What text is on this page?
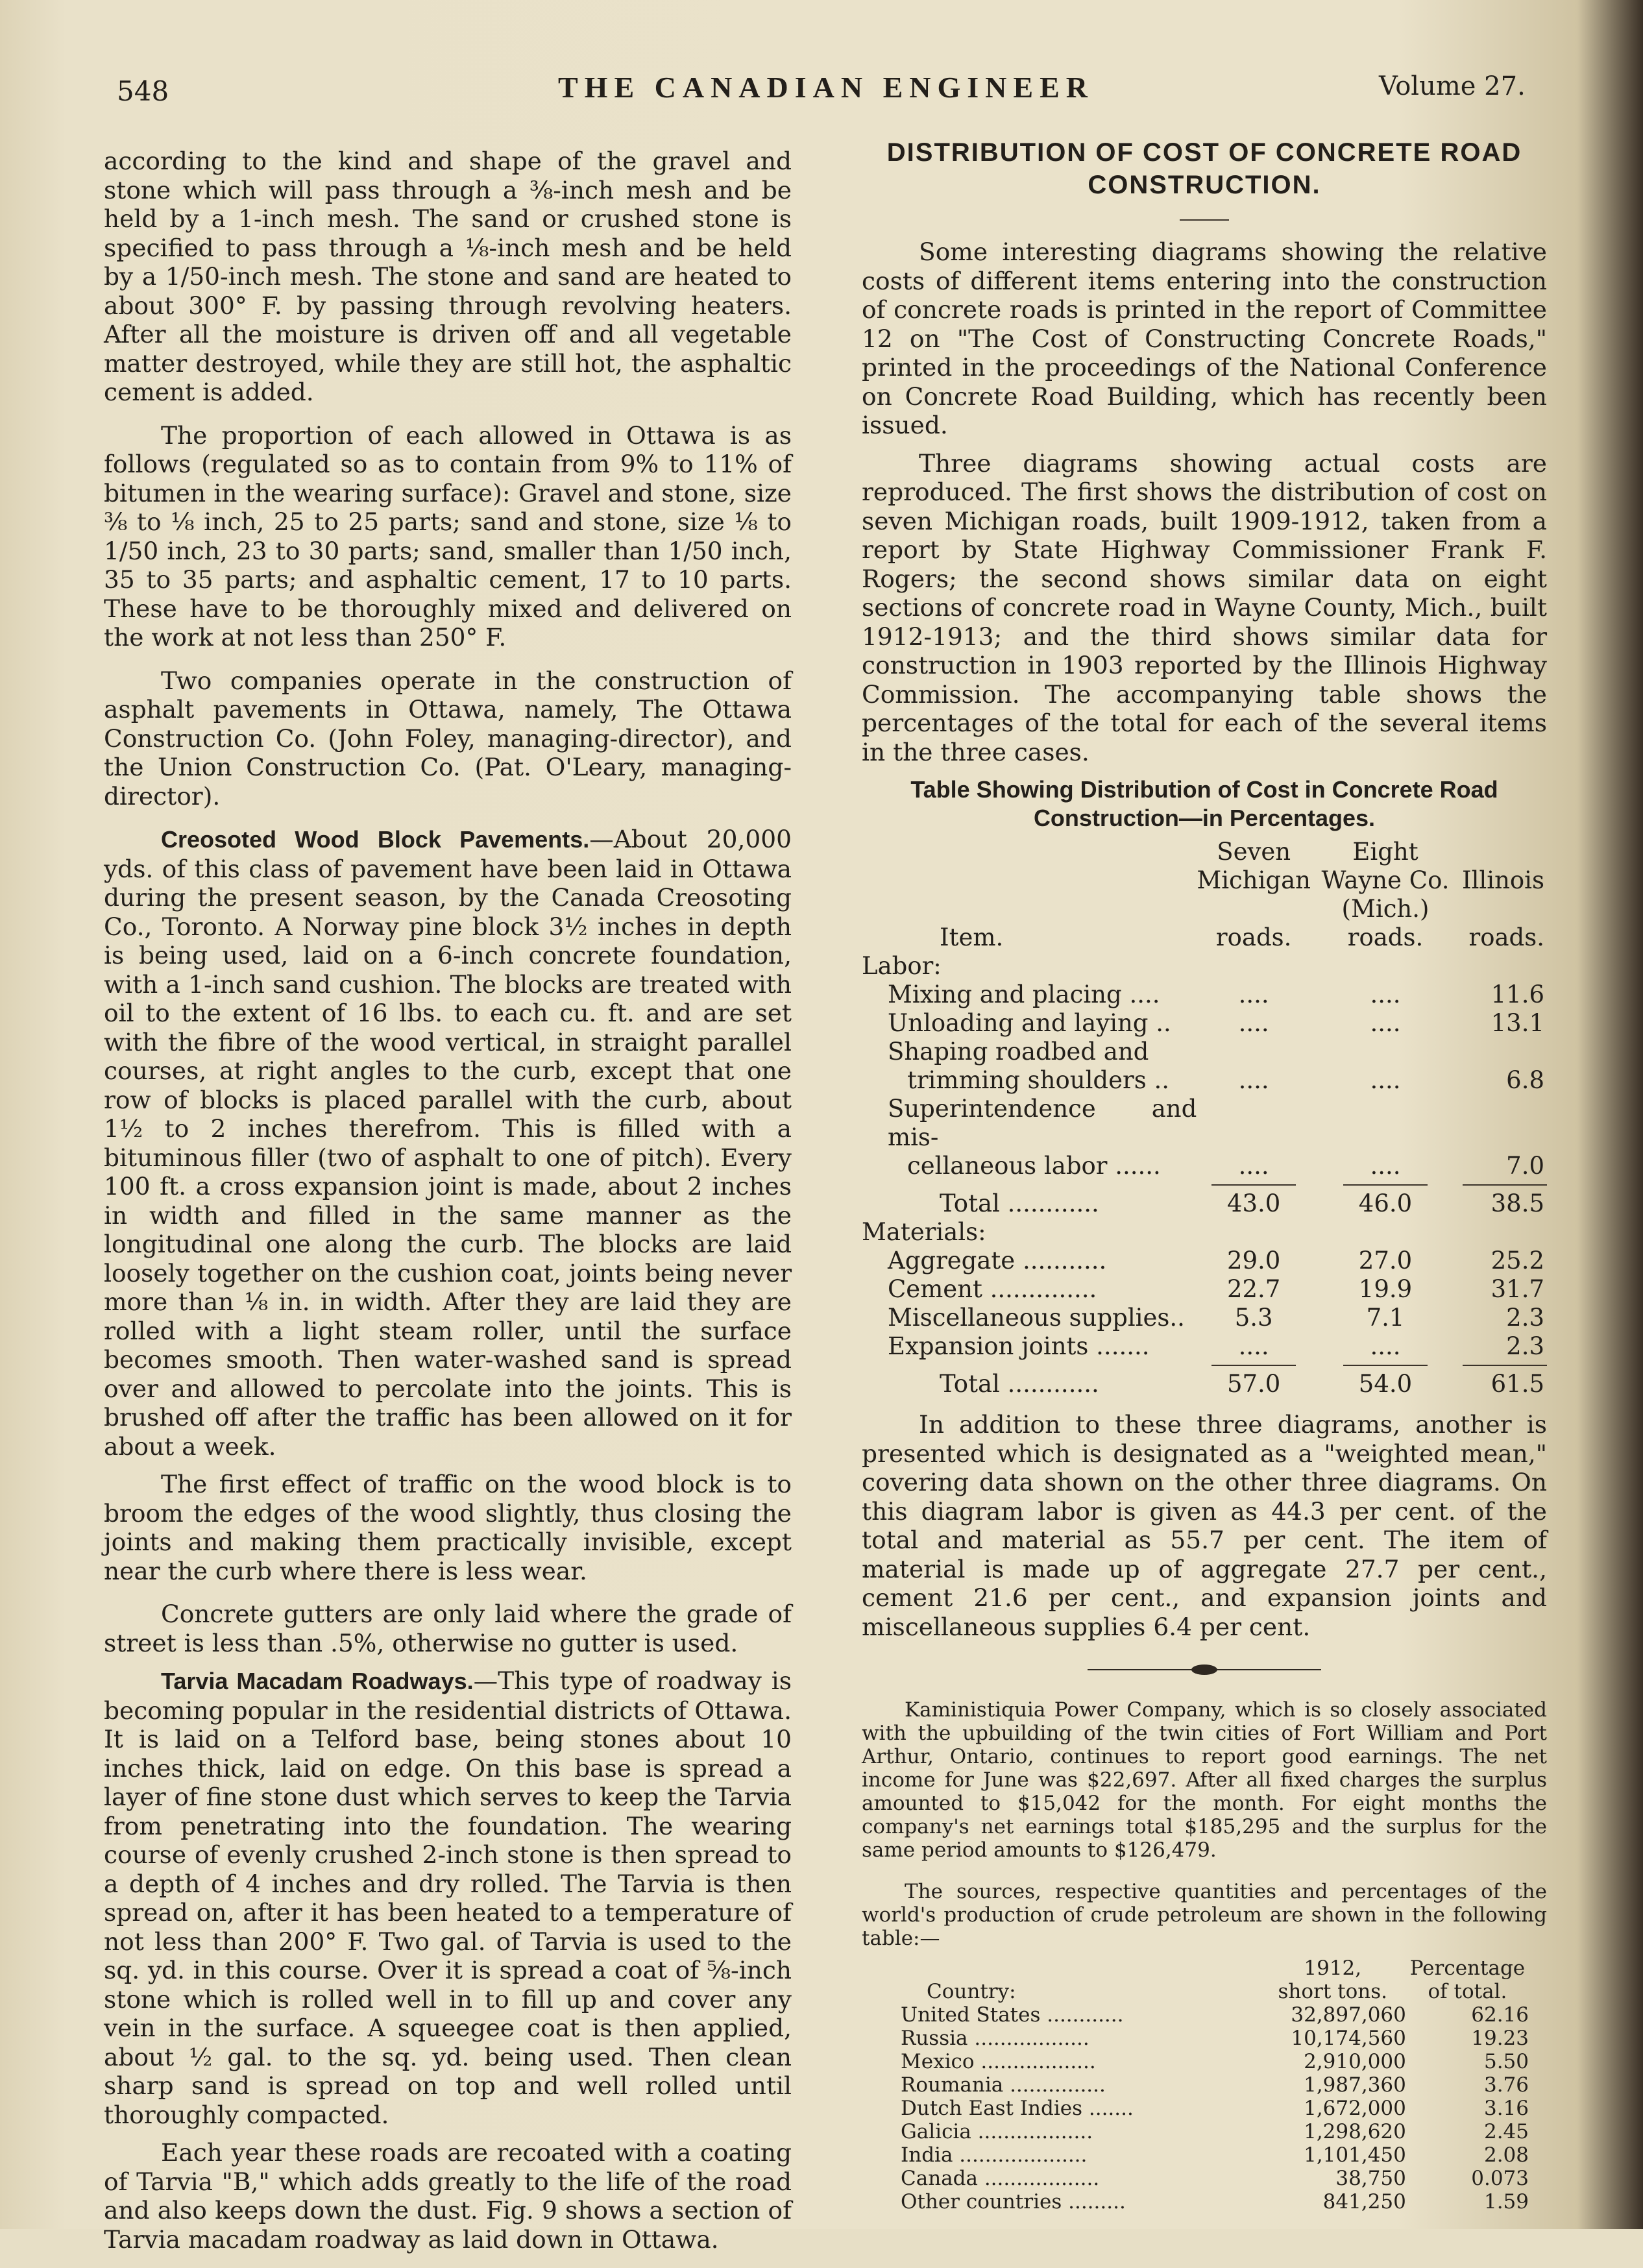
548	THE CANADIAN ENGINEER	Volume 27.

according to the kind and shape of the gravel and stone which will pass through a ⅜-inch mesh and be held by a 1-inch mesh. The sand or crushed stone is specified to pass through a ⅛-inch mesh and be held by a 1/50-inch mesh. The stone and sand are heated to about 300° F. by passing through revolving heaters. After all the moisture is driven off and all vegetable matter destroyed, while they are still hot, the asphaltic cement is added.

The proportion of each allowed in Ottawa is as follows (regulated so as to contain from 9% to 11% of bitumen in the wearing surface): Gravel and stone, size ⅜ to ⅛ inch, 25 to 25 parts; sand and stone, size ⅛ to 1/50 inch, 23 to 30 parts; sand, smaller than 1/50 inch, 35 to 35 parts; and asphaltic cement, 17 to 10 parts. These have to be thoroughly mixed and delivered on the work at not less than 250° F.

Two companies operate in the construction of asphalt pavements in Ottawa, namely, The Ottawa Construction Co. (John Foley, managing-director), and the Union Construction Co. (Pat. O'Leary, managing-director).

Creosoted Wood Block Pavements.—About 20,000 yds. of this class of pavement have been laid in Ottawa during the present season, by the Canada Creosoting Co., Toronto. A Norway pine block 3½ inches in depth is being used, laid on a 6-inch concrete foundation, with a 1-inch sand cushion. The blocks are treated with oil to the extent of 16 lbs. to each cu. ft. and are set with the fibre of the wood vertical, in straight parallel courses, at right angles to the curb, except that one row of blocks is placed parallel with the curb, about 1½ to 2 inches therefrom. This is filled with a bituminous filler (two of asphalt to one of pitch). Every 100 ft. a cross expansion joint is made, about 2 inches in width and filled in the same manner as the longitudinal one along the curb. The blocks are laid loosely together on the cushion coat, joints being never more than ⅛ in. in width. After they are laid they are rolled with a light steam roller, until the surface becomes smooth. Then water-washed sand is spread over and allowed to percolate into the joints. This is brushed off after the traffic has been allowed on it for about a week.

The first effect of traffic on the wood block is to broom the edges of the wood slightly, thus closing the joints and making them practically invisible, except near the curb where there is less wear.

Concrete gutters are only laid where the grade of street is less than .5%, otherwise no gutter is used.

Tarvia Macadam Roadways.—This type of roadway is becoming popular in the residential districts of Ottawa. It is laid on a Telford base, being stones about 10 inches thick, laid on edge. On this base is spread a layer of fine stone dust which serves to keep the Tarvia from penetrating into the foundation. The wearing course of evenly crushed 2-inch stone is then spread to a depth of 4 inches and dry rolled. The Tarvia is then spread on, after it has been heated to a temperature of not less than 200° F. Two gal. of Tarvia is used to the sq. yd. in this course. Over it is spread a coat of ⅝-inch stone which is rolled well in to fill up and cover any vein in the surface. A squeegee coat is then applied, about ½ gal. to the sq. yd. being used. Then clean sharp sand is spread on top and well rolled until thoroughly compacted.

Each year these roads are recoated with a coating of Tarvia "B," which adds greatly to the life of the road and also keeps down the dust. Fig. 9 shows a section of Tarvia macadam roadway as laid down in Ottawa.

DISTRIBUTION OF COST OF CONCRETE ROAD CONSTRUCTION.

Some interesting diagrams showing the relative costs of different items entering into the construction of concrete roads is printed in the report of Committee 12 on "The Cost of Constructing Concrete Roads," printed in the proceedings of the National Conference on Concrete Road Building, which has recently been issued.

Three diagrams showing actual costs are reproduced. The first shows the distribution of cost on seven Michigan roads, built 1909-1912, taken from a report by State Highway Commissioner Frank F. Rogers; the second shows similar data on eight sections of concrete road in Wayne County, Mich., built 1912-1913; and the third shows similar data for construction in 1903 reported by the Illinois Highway Commission. The accompanying table shows the percentages of the total for each of the several items in the three cases.

Table Showing Distribution of Cost in Concrete Road Construction—in Percentages.
	Seven	Eight	
	Michigan	Wayne Co.	Illinois
Item.	roads.	(Mich.) roads.	roads.
Labor:			
Mixing and placing ....	....	....	11.6
Unloading and laying ..	....	....	13.1
Shaping roadbed and			
trimming shoulders ..	....	....	6.8
Superintendence and mis-			
cellaneous labor ......	....	....	7.0

Total ............	43.0	46.0	38.5
Materials:			
Aggregate ...........	29.0	27.0	25.2
Cement ..............	22.7	19.9	31.7
Miscellaneous supplies..	5.3	7.1	2.3
Expansion joints .......	....	....	2.3

Total ............	57.0	54.0	61.5

In addition to these three diagrams, another is presented which is designated as a "weighted mean," covering data shown on the other three diagrams. On this diagram labor is given as 44.3 per cent. of the total and material as 55.7 per cent. The item of material is made up of aggregate 27.7 per cent., cement 21.6 per cent., and expansion joints and miscellaneous supplies 6.4 per cent.

Kaministiquia Power Company, which is so closely associated with the upbuilding of the twin cities of Fort William and Port Arthur, Ontario, continues to report good earnings. The net income for June was $22,697. After all fixed charges the surplus amounted to $15,042 for the month. For eight months the company's net earnings total $185,295 and the surplus for the same period amounts to $126,479.

The sources, respective quantities and percentages of the world's production of crude petroleum are shown in the following table:—

	1912,	Percentage
Country:	short tons.	of total.
United States ............	32,897,060	62.16
Russia ..................	10,174,560	19.23
Mexico ..................	2,910,000	5.50
Roumania ...............	1,987,360	3.76
Dutch East Indies .......	1,672,000	3.16
Galicia ..................	1,298,620	2.45
India ....................	1,101,450	2.08
Canada ..................	38,750	0.073
Other countries .........	841,250	1.59
